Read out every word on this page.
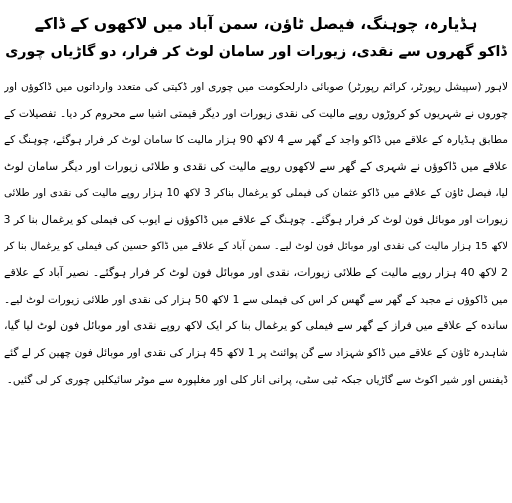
ہڈیارہ، چوہنگ، فیصل ٹاؤن، سمن آباد میں لاکھوں کے ڈاکے
ڈاکو گھروں سے نقدی، زیورات اور سامان لوٹ کر فرار، دو گاڑیاں چوری
لاہور (سپیشل رپورٹر، کرائم رپورٹر) صوبائی دارلحکومت میں چوری اور ڈکیتی کی متعدد وارداتوں میں ڈاکوؤں اور
چوروں نے شہریوں کو کروڑوں روپے مالیت کی نقدی زیورات اور دیگر قیمتی اشیا سے محروم کر دیا۔ تفصیلات کے
مطابق ہڈیارہ کے علاقے میں ڈاکو واجد کے گھر سے 4 لاکھ 90 ہزار مالیت کا سامان لوٹ کر فرار ہوگئے، چوہنگ کے
علاقے میں ڈاکوؤں نے شہری کے گھر سے لاکھوں روپے مالیت کی نقدی و طلائی زیورات اور دیگر سامان لوٹ
لیا، فیصل ٹاؤن کے علاقے میں ڈاکو عثمان کی فیملی کو یرغمال بناکر 3 لاکھ 10 ہزار روپے مالیت کی نقدی اور طلائی
زیورات اور موبائل فون لوٹ کر فرار ہوگئے۔ چوہنگ کے علاقے میں ڈاکوؤں نے ایوب کی فیملی کو یرغمال بنا کر 3
لاکھ 15 ہزار مالیت کی نقدی اور موبائل فون لوٹ لیے۔ سمن آباد کے علاقے میں ڈاکو حسین کی فیملی کو یرغمال بنا کر
2 لاکھ 40 ہزار روپے مالیت کے طلائی زیورات، نقدی اور موبائل فون لوٹ کر فرار ہوگئے۔ نصیر آباد کے علاقے
میں ڈاکوؤں نے مجید کے گھر سے گھس کر اس کی فیملی سے 1 لاکھ 50 ہزار کی نقدی اور طلائی زیورات لوٹ لیے۔
سانده کے علاقے میں فراز کے گھر سے فیملی کو یرغمال بنا کر ایک لاکھ روپے نقدی اور موبائل فون لوٹ لیا گیا،
شاہدرہ ٹاؤن کے علاقے میں ڈاکو شہزاد سے گن پوائنٹ پر 1 لاکھ 45 ہزار کی نقدی اور موبائل فون چھین کر لے گئے
ڈیفنس اور شیر اکوٹ سے گاڑیاں جبکہ ٹبی سٹی، پرانی انار کلی اور مغلپورہ سے موٹر سائیکلیں چوری کر لی گئیں۔
